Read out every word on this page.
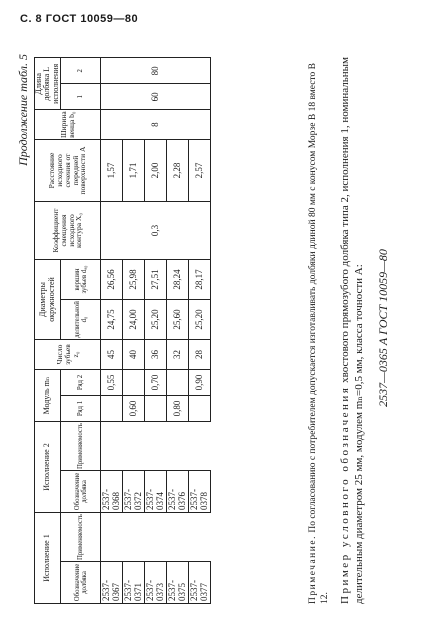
С. 8 ГОСТ 10059—80
Продолжение табл. 5
Исполнение 1		Исполнение 2		Модуль mₙ		Число зубьев z₀	Диаметры окружностей		Коэффициент смещения исходного контура X₀	Расстояние исходного сечения от передней поверхности A	Ширина венца b₀	Длина долбяка L исполнения	
Обозначение долбяка	Применяемость	Обозначение долбяка	Применяемость	Ряд 1	Ряд 2		делительной d₀	вершин зубьев dₐ₀				1	2
2537-0367		2537-0368			0,55	45	24,75	26,56	0,3	1,57	8	60	80
2537-0371		2537-0372		0,60		40	24,00	25,98		1,71			
2537-0373		2537-0374			0,70	36	25,20	27,51		2,00			
2537-0375		2537-0376		0,80		32	25,60	28,24		2,28			
2537-0377		2537-0378			0,90	28	25,20	28,17		2,57			
Примечание. По согласованию с потребителем допускается изготавливать долбяки длиной 80 мм с конусом Морзе В 18 вместо В 12. Пример условного обозначения хвостового прямозубого долбяка типа 2, исполнения 1, номинальным делительным диаметром 25 мм, модулем mₙ=0,5 мм, класса точности А: 2537—0365 А ГОСТ 10059—80
